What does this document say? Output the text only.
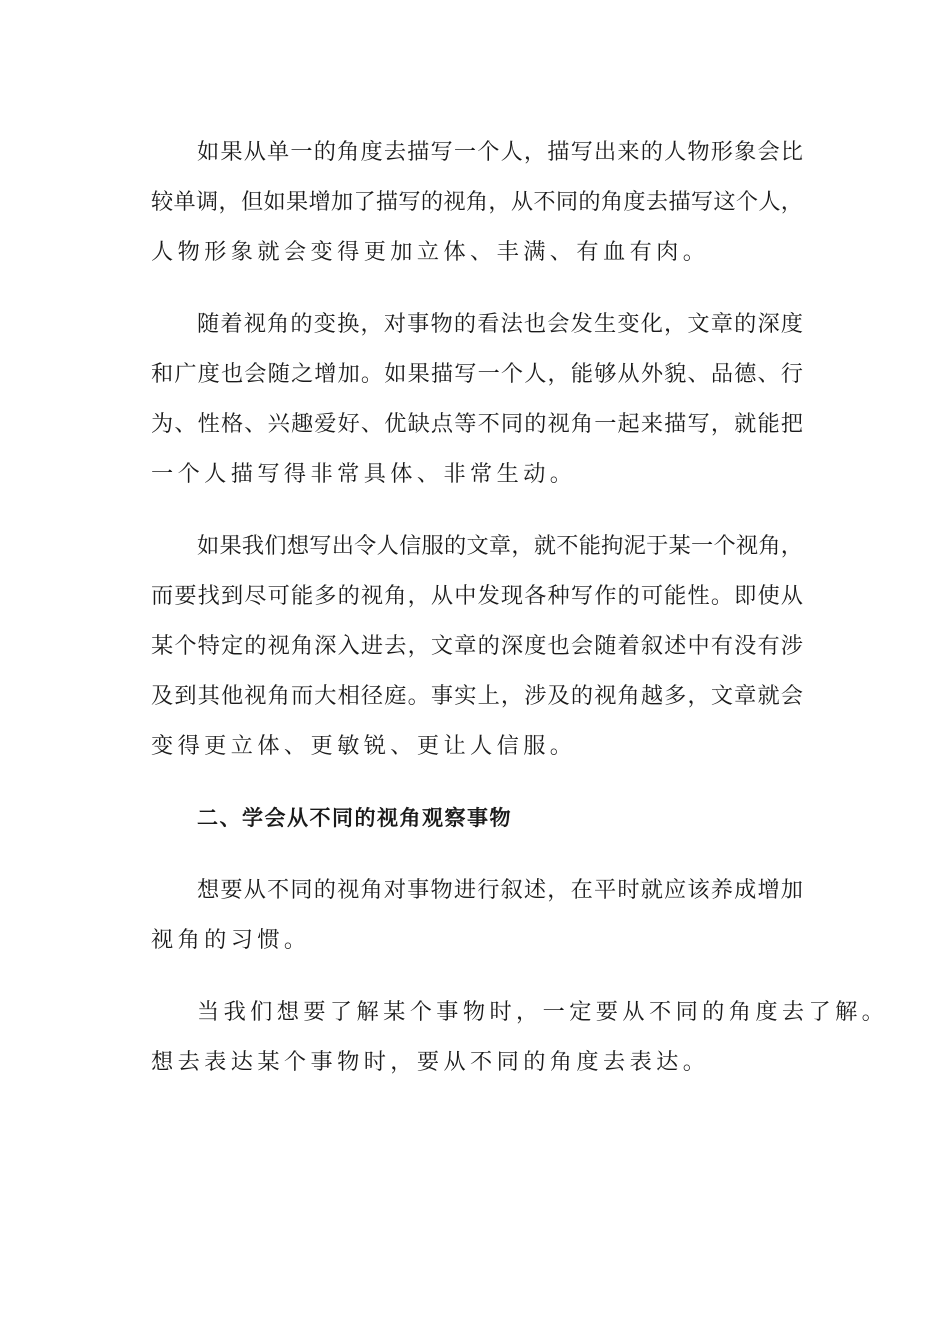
如果从单一的角度去描写一个人，描写出来的人物形象会比
较单调，但如果增加了描写的视角，从不同的角度去描写这个人，
人物形象就会变得更加立体、丰满、有血有肉。
随着视角的变换，对事物的看法也会发生变化，文章的深度
和广度也会随之增加。如果描写一个人，能够从外貌、品德、行
为、性格、兴趣爱好、优缺点等不同的视角一起来描写，就能把
一个人描写得非常具体、非常生动。
如果我们想写出令人信服的文章，就不能拘泥于某一个视角，
而要找到尽可能多的视角，从中发现各种写作的可能性。即使从
某个特定的视角深入进去，文章的深度也会随着叙述中有没有涉
及到其他视角而大相径庭。事实上，涉及的视角越多，文章就会
变得更立体、更敏锐、更让人信服。
二、学会从不同的视角观察事物
想要从不同的视角对事物进行叙述，在平时就应该养成增加
视角的习惯。
当我们想要了解某个事物时，一定要从不同的角度去了解。
想去表达某个事物时，要从不同的角度去表达。
